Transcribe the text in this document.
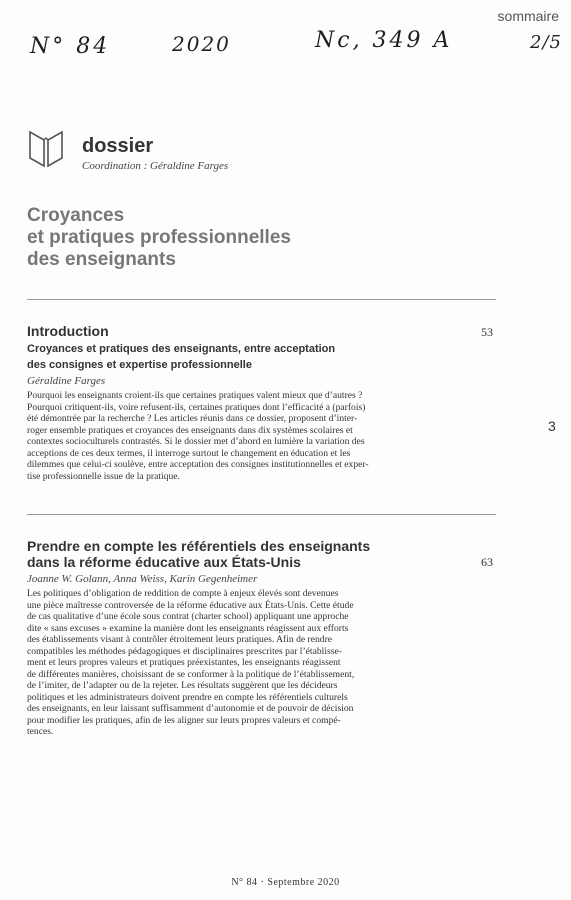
N° 84	2020	Nc, 349 A	2/5
sommaire
dossier
Coordination : Géraldine Farges
Croyances
et pratiques professionnelles
des enseignants
Introduction	53
Croyances et pratiques des enseignants, entre acceptation
des consignes et expertise professionnelle
Géraldine Farges
Pourquoi les enseignants croient-ils que certaines pratiques valent mieux que d’autres ?
Pourquoi critiquent-ils, voire refusent-ils, certaines pratiques dont l’efficacité a (parfois)
été démontrée par la recherche ? Les articles réunis dans ce dossier, proposent d’inter-
roger ensemble pratiques et croyances des enseignants dans dix systèmes scolaires et
contextes socioculturels contrastés. Si le dossier met d’abord en lumière la variation des
acceptions de ces deux termes, il interroge surtout le changement en éducation et les
dilemmes que celui-ci soulève, entre acceptation des consignes institutionnelles et exper-
tise professionnelle issue de la pratique.
3
Prendre en compte les référentiels des enseignants
dans la réforme éducative aux États-Unis	63
Joanne W. Golann, Anna Weiss, Karin Gegenheimer
Les politiques d’obligation de reddition de compte à enjeux élevés sont devenues
une pièce maîtresse controversée de la réforme éducative aux États-Unis. Cette étude
de cas qualitative d’une école sous contrat (charter school) appliquant une approche
dite « sans excuses » examine la manière dont les enseignants réagissent aux efforts
des établissements visant à contrôler étroitement leurs pratiques. Afin de rendre
compatibles les méthodes pédagogiques et disciplinaires prescrites par l’établisse-
ment et leurs propres valeurs et pratiques préexistantes, les enseignants réagissent
de différentes manières, choisissant de se conformer à la politique de l’établissement,
de l’imiter, de l’adapter ou de la rejeter. Les résultats suggèrent que les décideurs
politiques et les administrateurs doivent prendre en compte les référentiels culturels
des enseignants, en leur laissant suffisamment d’autonomie et de pouvoir de décision
pour modifier les pratiques, afin de les aligner sur leurs propres valeurs et compé-
tences.
N° 84 · Septembre 2020
